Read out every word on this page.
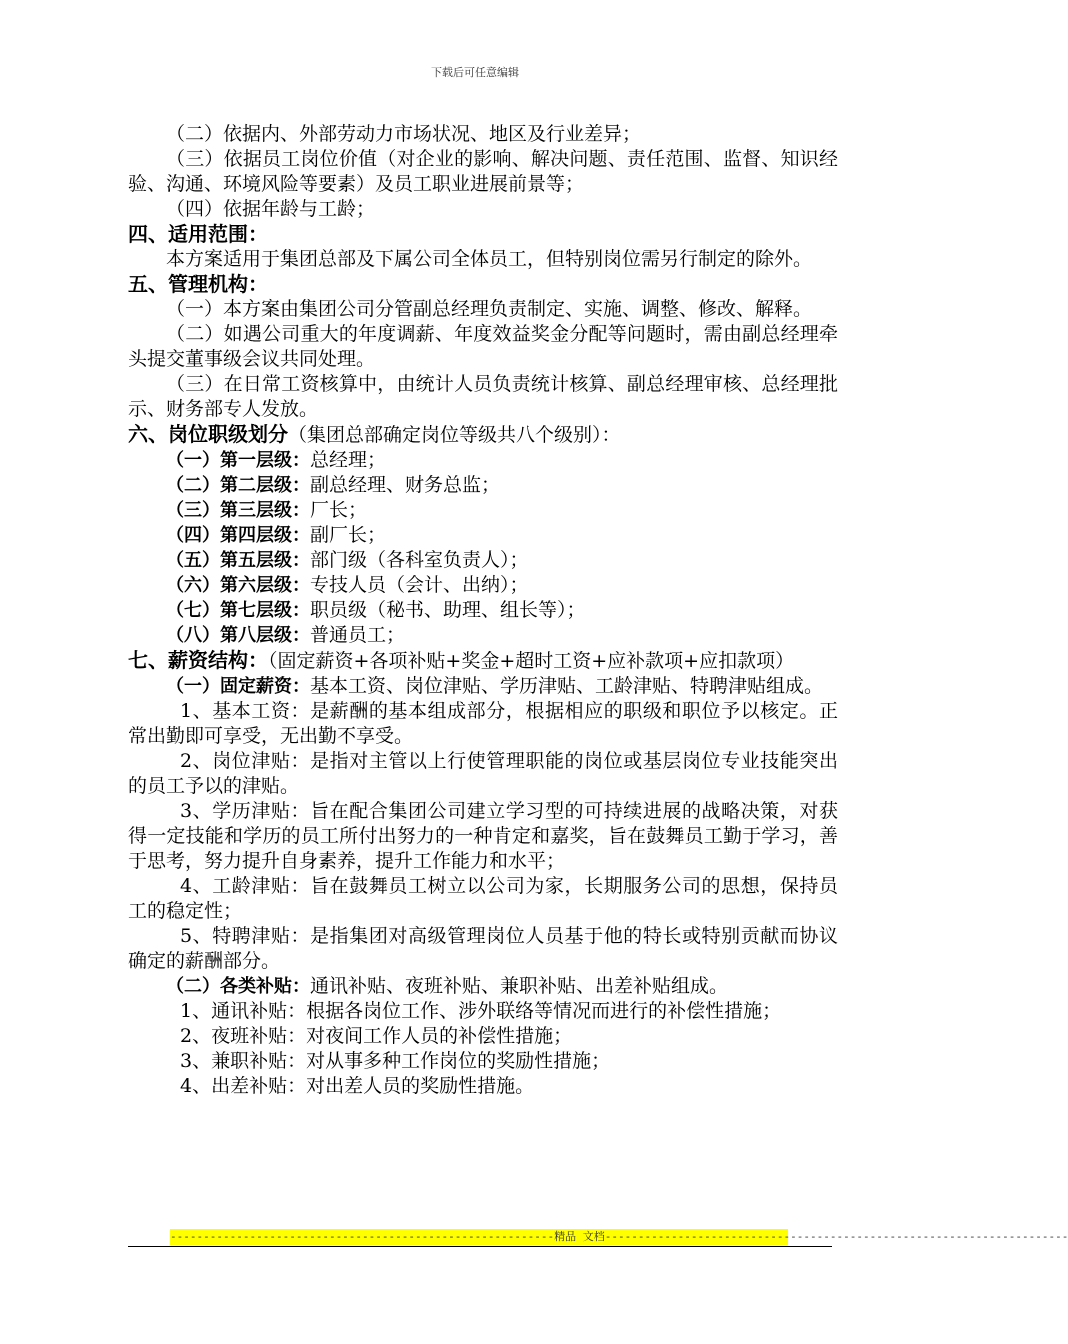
下载后可任意编辑

（二）依据内、外部劳动力市场状况、地区及行业差异；

（三）依据员工岗位价值（对企业的影响、解决问题、责任范围、监督、知识经验、沟通、环境风险等要素）及员工职业进展前景等；

（四）依据年龄与工龄；

四、适用范围：

本方案适用于集团总部及下属公司全体员工，但特别岗位需另行制定的除外。

五、管理机构：

（一）本方案由集团公司分管副总经理负责制定、实施、调整、修改、解释。

（二）如遇公司重大的年度调薪、年度效益奖金分配等问题时，需由副总经理牵头提交董事级会议共同处理。

（三）在日常工资核算中，由统计人员负责统计核算、副总经理审核、总经理批示、财务部专人发放。

六、岗位职级划分（集团总部确定岗位等级共八个级别）：

（一）第一层级：总经理；

（二）第二层级：副总经理、财务总监；

（三）第三层级：厂长；

（四）第四层级：副厂长；

（五）第五层级：部门级（各科室负责人）；

（六）第六层级：专技人员（会计、出纳）；

（七）第七层级：职员级（秘书、助理、组长等）；

（八）第八层级：普通员工；

七、薪资结构：（固定薪资+各项补贴+奖金+超时工资+应补款项+应扣款项）

（一）固定薪资：基本工资、岗位津贴、学历津贴、工龄津贴、特聘津贴组成。

1、基本工资：是薪酬的基本组成部分，根据相应的职级和职位予以核定。正常出勤即可享受，无出勤不享受。

2、岗位津贴：是指对主管以上行使管理职能的岗位或基层岗位专业技能突出的员工予以的津贴。

3、学历津贴：旨在配合集团公司建立学习型的可持续进展的战略决策，对获得一定技能和学历的员工所付出努力的一种肯定和嘉奖，旨在鼓舞员工勤于学习，善于思考，努力提升自身素养，提升工作能力和水平；

4、工龄津贴：旨在鼓舞员工树立以公司为家，长期服务公司的思想，保持员工的稳定性；

5、特聘津贴：是指集团对高级管理岗位人员基于他的特长或特别贡献而协议确定的薪酬部分。

（二）各类补贴：通讯补贴、夜班补贴、兼职补贴、出差补贴组成。

1、通讯补贴：根据各岗位工作、涉外联络等情况而进行的补偿性措施；

2、夜班补贴：对夜间工作人员的补偿性措施；

3、兼职补贴：对从事多种工作岗位的奖励性措施；

4、出差补贴：对出差人员的奖励性措施。

----------------------------------------------------------精品 文档----------------------------------------------------------------------
